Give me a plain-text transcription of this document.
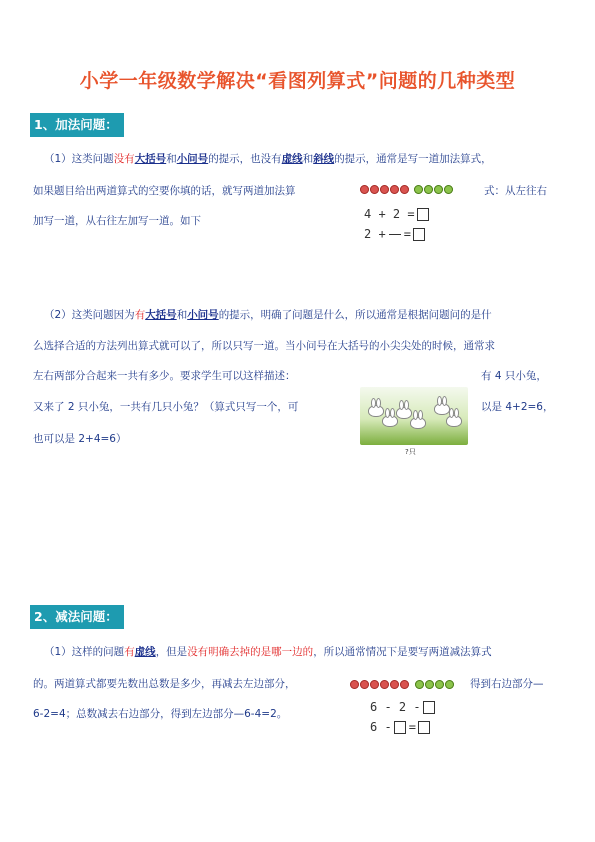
小学一年级数学解决“看图列算式”问题的几种类型
1、加法问题：
（1）这类问题没有大括号和小问号的提示，也没有虚线和斜线的提示，通常是写一道加法算式，
如果题目给出两道算式的空要你填的话，就写两道加法算	式：从左往右
加写一道，从右往左加写一道。如下	4 + 2 =
2 + =
（2）这类问题因为有大括号和小问号的提示，明确了问题是什么，所以通常是根据问题问的是什
么选择合适的方法列出算式就可以了，所以只写一道。当小问号在大括号的小尖尖处的时候，通常求
左右两部分合起来一共有多少。要求学生可以这样描述：	有 4 只小兔，
又来了 2 只小兔，一共有几只小兔？（算式只写一个，可	以是 4+2=6，
也可以是 2+4=6）
?只
2、减法问题：
（1）这样的问题有虚线，但是没有明确去掉的是哪一边的，所以通常情况下是要写两道减法算式
的。两道算式都要先数出总数是多少，再减去左边部分，	得到右边部分—
6-2=4；总数减去右边部分，得到左边部分—6-4=2。	6 - 2 -
6 - =
